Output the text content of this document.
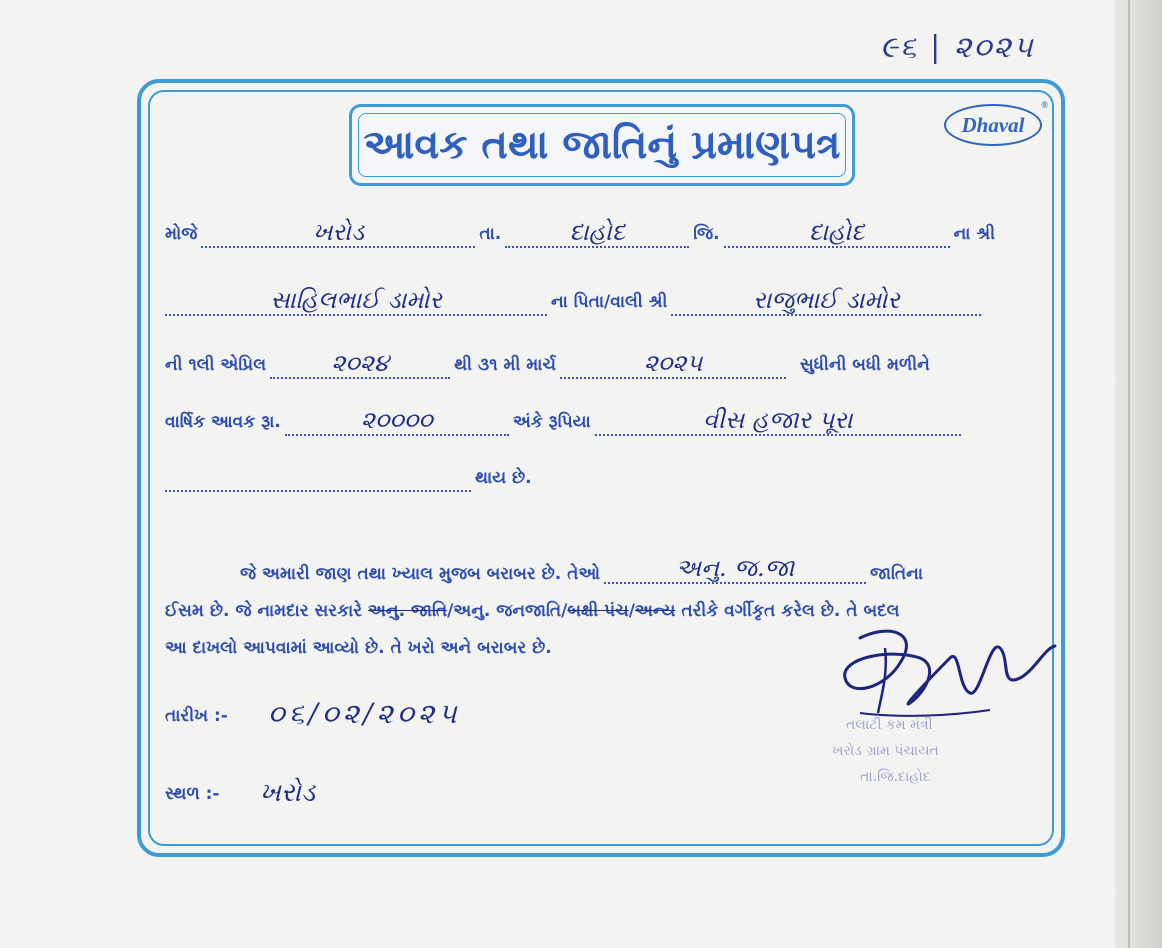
૯૬ | ૨૦૨૫
આવક તથા જાતિનું પ્રમાણપત્ર	Dhaval
®
મોજે	ખરોડ	તા.	દાહોદ	જિ.	દાહોદ	ના શ્રી
સાહિલભાઈ ડામોર	ના પિતા/વાલી શ્રી	રાજુભાઈ ડામોર
ની ૧લી એપ્રિલ	૨૦૨૪	થી ૩૧ મી માર્ચ	૨૦૨૫	સુધીની બધી મળીને
વાર્ષિક આવક રૂા.	૨૦૦૦૦	અંકે રૂપિયા	વીસ હજાર પૂરા
થાય છે.
જે અમારી જાણ તથા ખ્યાલ મુજબ બરાબર છે. તેઓ	અનુ. જ.જા	જાતિના
ઈસમ છે. જે નામદાર સરકારે અનુ. જાતિ/અનુ. જનજાતિ/બક્ષી પંચ/અન્ય તરીકે વર્ગીકૃત કરેલ છે. તે બદલ
આ દાખલો આપવામાં આવ્યો છે. તે ખરો અને બરાબર છે.
તારીખ :- ૦૬/૦૨/૨૦૨૫
સ્થળ :- ખરોડ
તલાટી કમ મંત્રી
ખરોડ ગ્રામ પંચાયત
તા.જિ.દાહોદ
